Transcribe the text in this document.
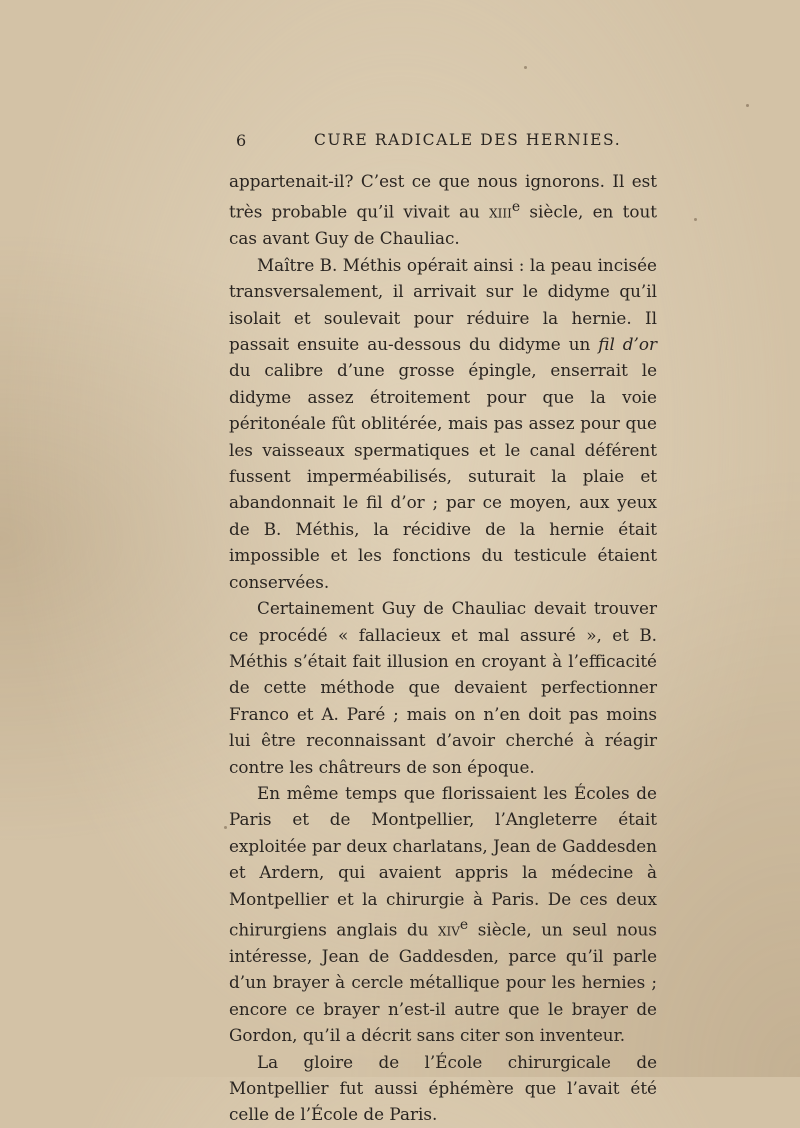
6	CURE RADICALE DES HERNIES.

appartenait-il? C’est ce que nous ignorons. Il est très probable qu’il vivait au xiii$^e$ siècle, en tout cas avant Guy de Chauliac.

Maître B. Méthis opérait ainsi : la peau incisée transversalement, il arrivait sur le didyme qu’il isolait et soulevait pour réduire la hernie. Il passait ensuite au-dessous du didyme un fil d’or du calibre d’une grosse épingle, enserrait le didyme assez étroitement pour que la voie péritonéale fût oblitérée, mais pas assez pour que les vaisseaux spermatiques et le canal déférent fussent imperméabilisés, suturait la plaie et abandonnait le fil d’or ; par ce moyen, aux yeux de B. Méthis, la récidive de la hernie était impossible et les fonctions du testicule étaient conservées.

Certainement Guy de Chauliac devait trouver ce procédé « fallacieux et mal assuré », et B. Méthis s’était fait illusion en croyant à l’efficacité de cette méthode que devaient perfectionner Franco et A. Paré ; mais on n’en doit pas moins lui être reconnaissant d’avoir cherché à réagir contre les châtreurs de son époque.

En même temps que florissaient les Écoles de Paris et de Montpellier, l’Angleterre était exploitée par deux charlatans, Jean de Gaddesden et Ardern, qui avaient appris la médecine à Montpellier et la chirurgie à Paris. De ces deux chirurgiens anglais du xiv$^e$ siècle, un seul nous intéresse, Jean de Gaddesden, parce qu’il parle d’un brayer à cercle métallique pour les hernies ; encore ce brayer n’est-il autre que le brayer de Gordon, qu’il a décrit sans citer son inventeur.

La gloire de l’École chirurgicale de Montpellier fut aussi éphémère que l’avait été celle de l’École de Paris.
